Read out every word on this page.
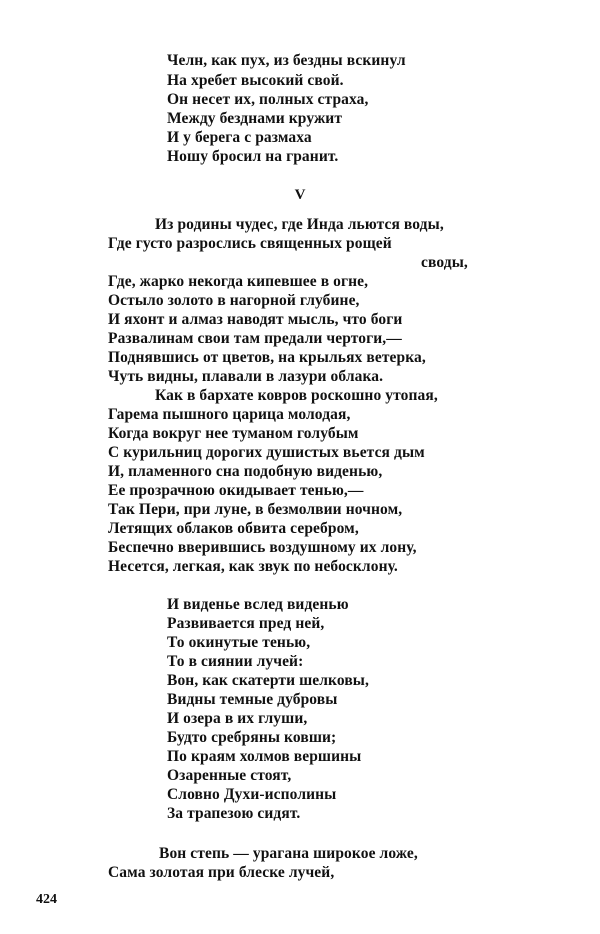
Челн, как пух, из бездны вскинул
На хребет высокий свой.
Он несет их, полных страха,
Между безднами кружит
И у берега с размаха
Ношу бросил на гранит.
V
Из родины чудес, где Инда льются воды,
Где густо разрослись священных рощей
своды,
Где, жарко некогда кипевшее в огне,
Остыло золото в нагорной глубине,
И яхонт и алмаз наводят мысль, что боги
Развалинам свои там предали чертоги,—
Поднявшись от цветов, на крыльях ветерка,
Чуть видны, плавали в лазури облака.
Как в бархате ковров роскошно утопая,
Гарема пышного царица молодая,
Когда вокруг нее туманом голубым
С курильниц дорогих душистых вьется дым
И, пламенного сна подобную виденью,
Ее прозрачною окидывает тенью,—
Так Пери, при луне, в безмолвии ночном,
Летящих облаков обвита серебром,
Беспечно вверившись воздушному их лону,
Несется, легкая, как звук по небосклону.
И виденье вслед виденью
Развивается пред ней,
То окинутые тенью,
То в сиянии лучей:
Вон, как скатерти шелковы,
Видны темные дубровы
И озера в их глуши,
Будто сребряны ковши;
По краям холмов вершины
Озаренные стоят,
Словно Духи-исполины
За трапезою сидят.
Вон степь — урагана широкое ложе,
Сама золотая при блеске лучей,
424
